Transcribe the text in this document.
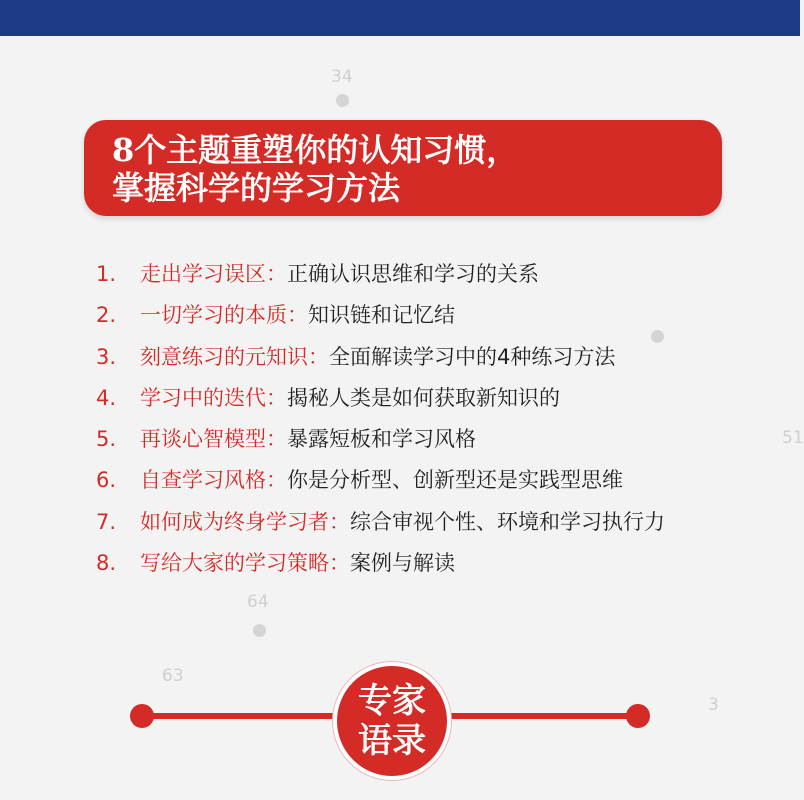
34
51
64
63
3
8个主题重塑你的认知习惯，
掌握科学的学习方法
1. 走出学习误区：正确认识思维和学习的关系
2. 一切学习的本质：知识链和记忆结
3. 刻意练习的元知识：全面解读学习中的4种练习方法
4. 学习中的迭代：揭秘人类是如何获取新知识的
5. 再谈心智模型：暴露短板和学习风格
6. 自查学习风格：你是分析型、创新型还是实践型思维
7. 如何成为终身学习者：综合审视个性、环境和学习执行力
8. 写给大家的学习策略：案例与解读
专家
语录
